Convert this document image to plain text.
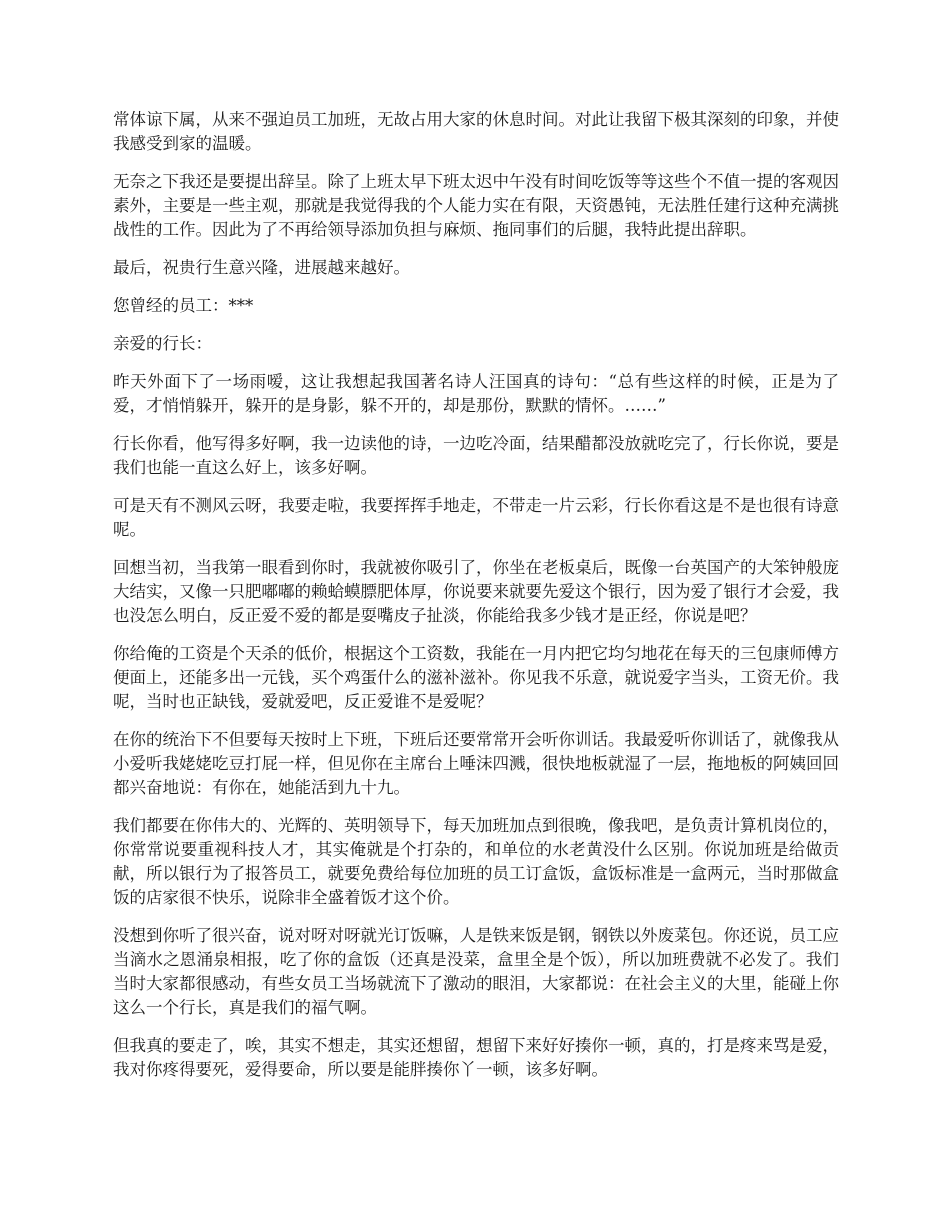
常体谅下属，从来不强迫员工加班，无故占用大家的休息时间。对此让我留下极其深刻的印象，并使我感受到家的温暖。

无奈之下我还是要提出辞呈。除了上班太早下班太迟中午没有时间吃饭等等这些个不值一提的客观因素外，主要是一些主观，那就是我觉得我的个人能力实在有限，天资愚钝，无法胜任建行这种充满挑战性的工作。因此为了不再给领导添加负担与麻烦、拖同事们的后腿，我特此提出辞职。

最后，祝贵行生意兴隆，进展越来越好。

您曾经的员工：***

亲爱的行长：

昨天外面下了一场雨嗳，这让我想起我国著名诗人汪国真的诗句：“总有些这样的时候，正是为了爱，才悄悄躲开，躲开的是身影，躲不开的，却是那份，默默的情怀。……”

行长你看，他写得多好啊，我一边读他的诗，一边吃冷面，结果醋都没放就吃完了，行长你说，要是我们也能一直这么好上，该多好啊。

可是天有不测风云呀，我要走啦，我要挥挥手地走，不带走一片云彩，行长你看这是不是也很有诗意呢。

回想当初，当我第一眼看到你时，我就被你吸引了，你坐在老板桌后，既像一台英国产的大笨钟般庞大结实，又像一只肥嘟嘟的赖蛤蟆膘肥体厚，你说要来就要先爱这个银行，因为爱了银行才会爱，我也没怎么明白，反正爱不爱的都是耍嘴皮子扯淡，你能给我多少钱才是正经，你说是吧？

你给俺的工资是个天杀的低价，根据这个工资数，我能在一月内把它均匀地花在每天的三包康师傅方便面上，还能多出一元钱，买个鸡蛋什么的滋补滋补。你见我不乐意，就说爱字当头，工资无价。我呢，当时也正缺钱，爱就爱吧，反正爱谁不是爱呢？

在你的统治下不但要每天按时上下班，下班后还要常常开会听你训话。我最爱听你训话了，就像我从小爱听我姥姥吃豆打屁一样，但见你在主席台上唾沫四溅，很快地板就湿了一层，拖地板的阿姨回回都兴奋地说：有你在，她能活到九十九。

我们都要在你伟大的、光辉的、英明领导下，每天加班加点到很晚，像我吧，是负责计算机岗位的，你常常说要重视科技人才，其实俺就是个打杂的，和单位的水老黄没什么区别。你说加班是给做贡献，所以银行为了报答员工，就要免费给每位加班的员工订盒饭，盒饭标准是一盒两元，当时那做盒饭的店家很不快乐，说除非全盛着饭才这个价。

没想到你听了很兴奋，说对呀对呀就光订饭嘛，人是铁来饭是钢，钢铁以外废菜包。你还说，员工应当滴水之恩涌泉相报，吃了你的盒饭（还真是没菜，盒里全是个饭），所以加班费就不必发了。我们当时大家都很感动，有些女员工当场就流下了激动的眼泪，大家都说：在社会主义的大里，能碰上你这么一个行长，真是我们的福气啊。

但我真的要走了，唉，其实不想走，其实还想留，想留下来好好揍你一顿，真的，打是疼来骂是爱，我对你疼得要死，爱得要命，所以要是能胖揍你丫一顿，该多好啊。
